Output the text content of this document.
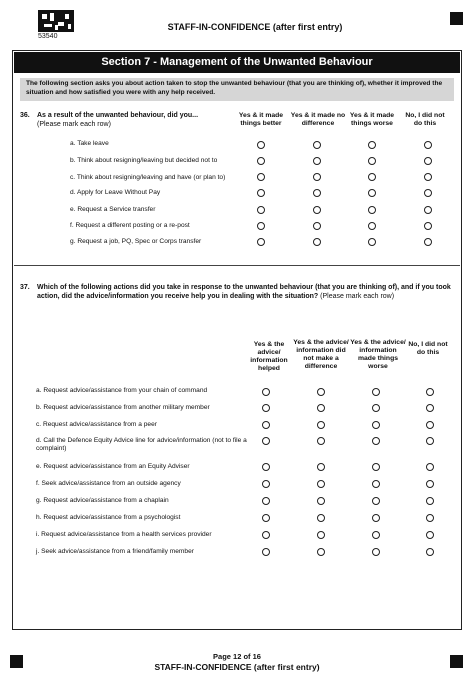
53540
STAFF-IN-CONFIDENCE (after first entry)
Section 7 - Management of the Unwanted Behaviour
The following section asks you about action taken to stop the unwanted behaviour (that you are thinking of), whether it improved the situation and how satisfied you were with any help received.
36. As a result of the unwanted behaviour, did you...
(Please mark each row)
Yes & it made things better
Yes & it made no difference
Yes & it made things worse
No, I did not do this
a. Take leave
b. Think about resigning/leaving but decided not to
c. Think about resigning/leaving and have (or plan to)
d. Apply for Leave Without Pay
e. Request a Service transfer
f. Request a different posting or a re-post
g. Request a job, PQ, Spec or Corps transfer
37. Which of the following actions did you take in response to the unwanted behaviour (that you are thinking of), and if you took action, did the advice/information you receive help you in dealing with the situation? (Please mark each row)
Yes & the advice/ information helped
Yes & the advice/ information did not make a difference
Yes & the advice/ information made things worse
No, I did not do this
a. Request advice/assistance from your chain of command
b. Request advice/assistance from another military member
c. Request advice/assistance from a peer
d. Call the Defence Equity Advice line for advice/information (not to file a complaint)
e. Request advice/assistance from an Equity Adviser
f. Seek advice/assistance from an outside agency
g. Request advice/assistance from a chaplain
h. Request advice/assistance from a psychologist
i. Request advice/assistance from a health services provider
j. Seek advice/assistance from a friend/family member
Page 12 of 16
STAFF-IN-CONFIDENCE (after first entry)
